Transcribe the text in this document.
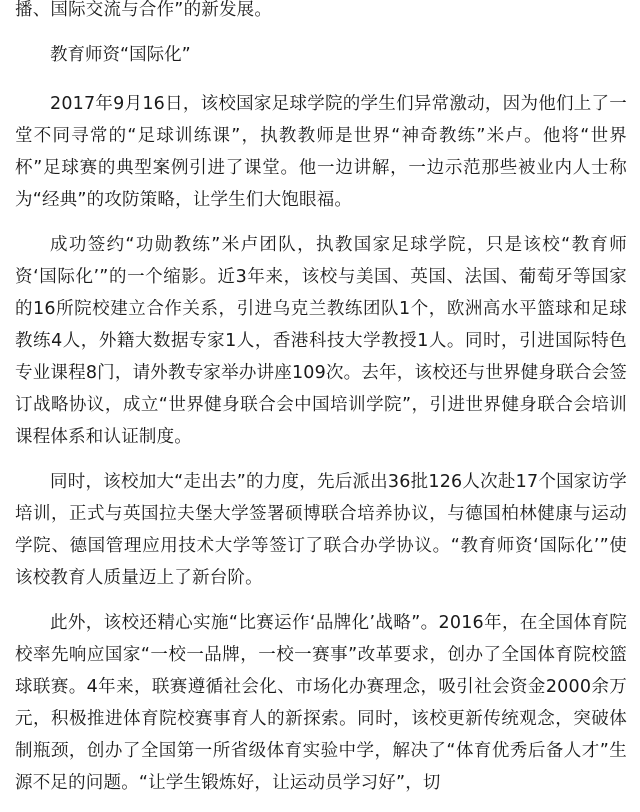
播、国际交流与合作”的新发展。

教育师资“国际化”

2017年9月16日，该校国家足球学院的学生们异常激动，因为他们上了一堂不同寻常的“足球训练课”，执教教师是世界“神奇教练”米卢。他将“世界杯”足球赛的典型案例引进了课堂。他一边讲解，一边示范那些被业内人士称为“经典”的攻防策略，让学生们大饱眼福。

成功签约“功勋教练”米卢团队，执教国家足球学院，只是该校“教育师资‘国际化’”的一个缩影。近3年来，该校与美国、英国、法国、葡萄牙等国家的16所院校建立合作关系，引进乌克兰教练团队1个，欧洲高水平篮球和足球教练4人，外籍大数据专家1人，香港科技大学教授1人。同时，引进国际特色专业课程8门，请外教专家举办讲座109次。去年，该校还与世界健身联合会签订战略协议，成立“世界健身联合会中国培训学院”，引进世界健身联合会培训课程体系和认证制度。

同时，该校加大“走出去”的力度，先后派出36批126人次赴17个国家访学培训，正式与英国拉夫堡大学签署硕博联合培养协议，与德国柏林健康与运动学院、德国管理应用技术大学等签订了联合办学协议。“教育师资‘国际化’”使该校教育人质量迈上了新台阶。

此外，该校还精心实施“比赛运作‘品牌化’战略”。2016年，在全国体育院校率先响应国家“一校一品牌，一校一赛事”改革要求，创办了全国体育院校篮球联赛。4年来，联赛遵循社会化、市场化办赛理念，吸引社会资金2000余万元，积极推进体育院校赛事育人的新探索。同时，该校更新传统观念，突破体制瓶颈，创办了全国第一所省级体育实验中学，解决了“体育优秀后备人才”生源不足的问题。“让学生锻炼好，让运动员学习好”，切
